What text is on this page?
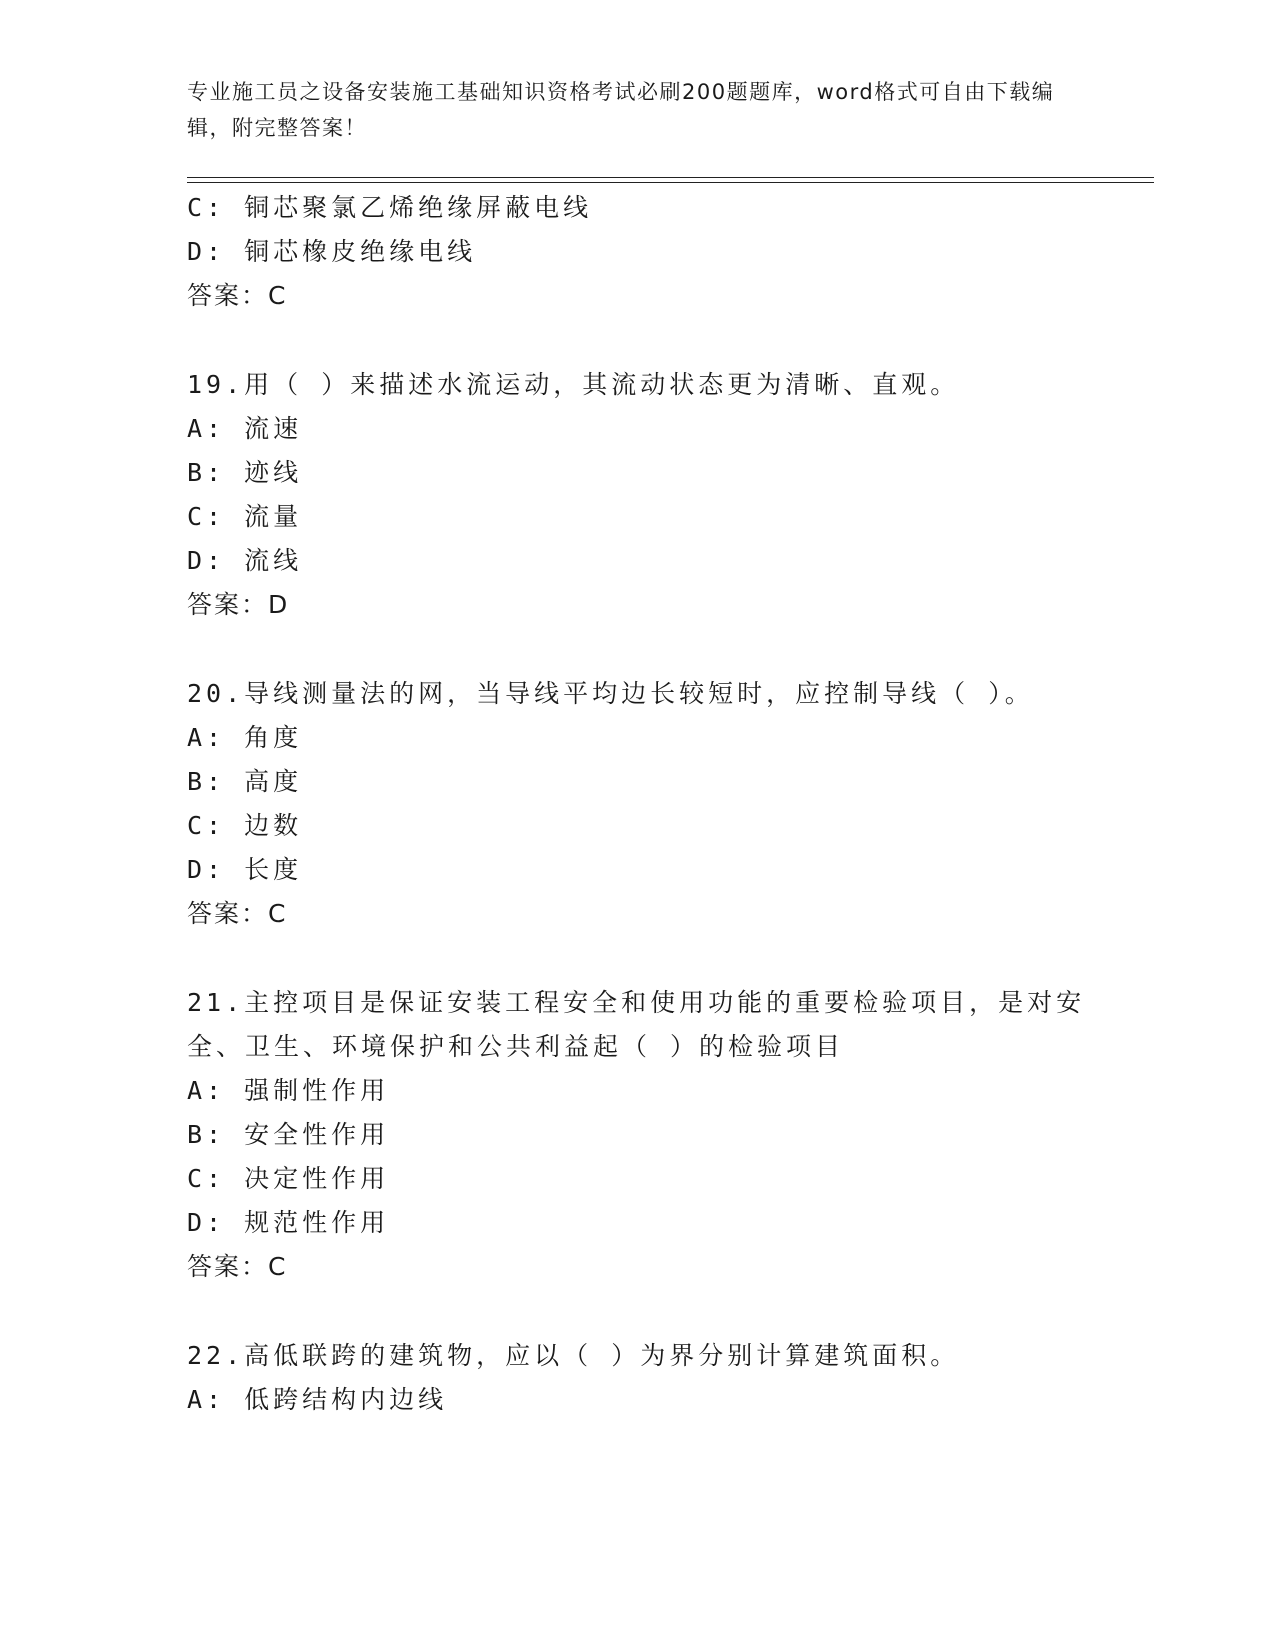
专业施工员之设备安装施工基础知识资格考试必刷200题题库，word格式可自由下载编辑，附完整答案！
C: 铜芯聚氯乙烯绝缘屏蔽电线
D: 铜芯橡皮绝缘电线
答案：C
19.用（ ）来描述水流运动，其流动状态更为清晰、直观。
A: 流速
B: 迹线
C: 流量
D: 流线
答案：D
20.导线测量法的网，当导线平均边长较短时，应控制导线（ ）。
A: 角度
B: 高度
C: 边数
D: 长度
答案：C
21.主控项目是保证安装工程安全和使用功能的重要检验项目，是对安
全、卫生、环境保护和公共利益起（ ）的检验项目
A: 强制性作用
B: 安全性作用
C: 决定性作用
D: 规范性作用
答案：C
22.高低联跨的建筑物，应以（ ）为界分别计算建筑面积。
A: 低跨结构内边线
